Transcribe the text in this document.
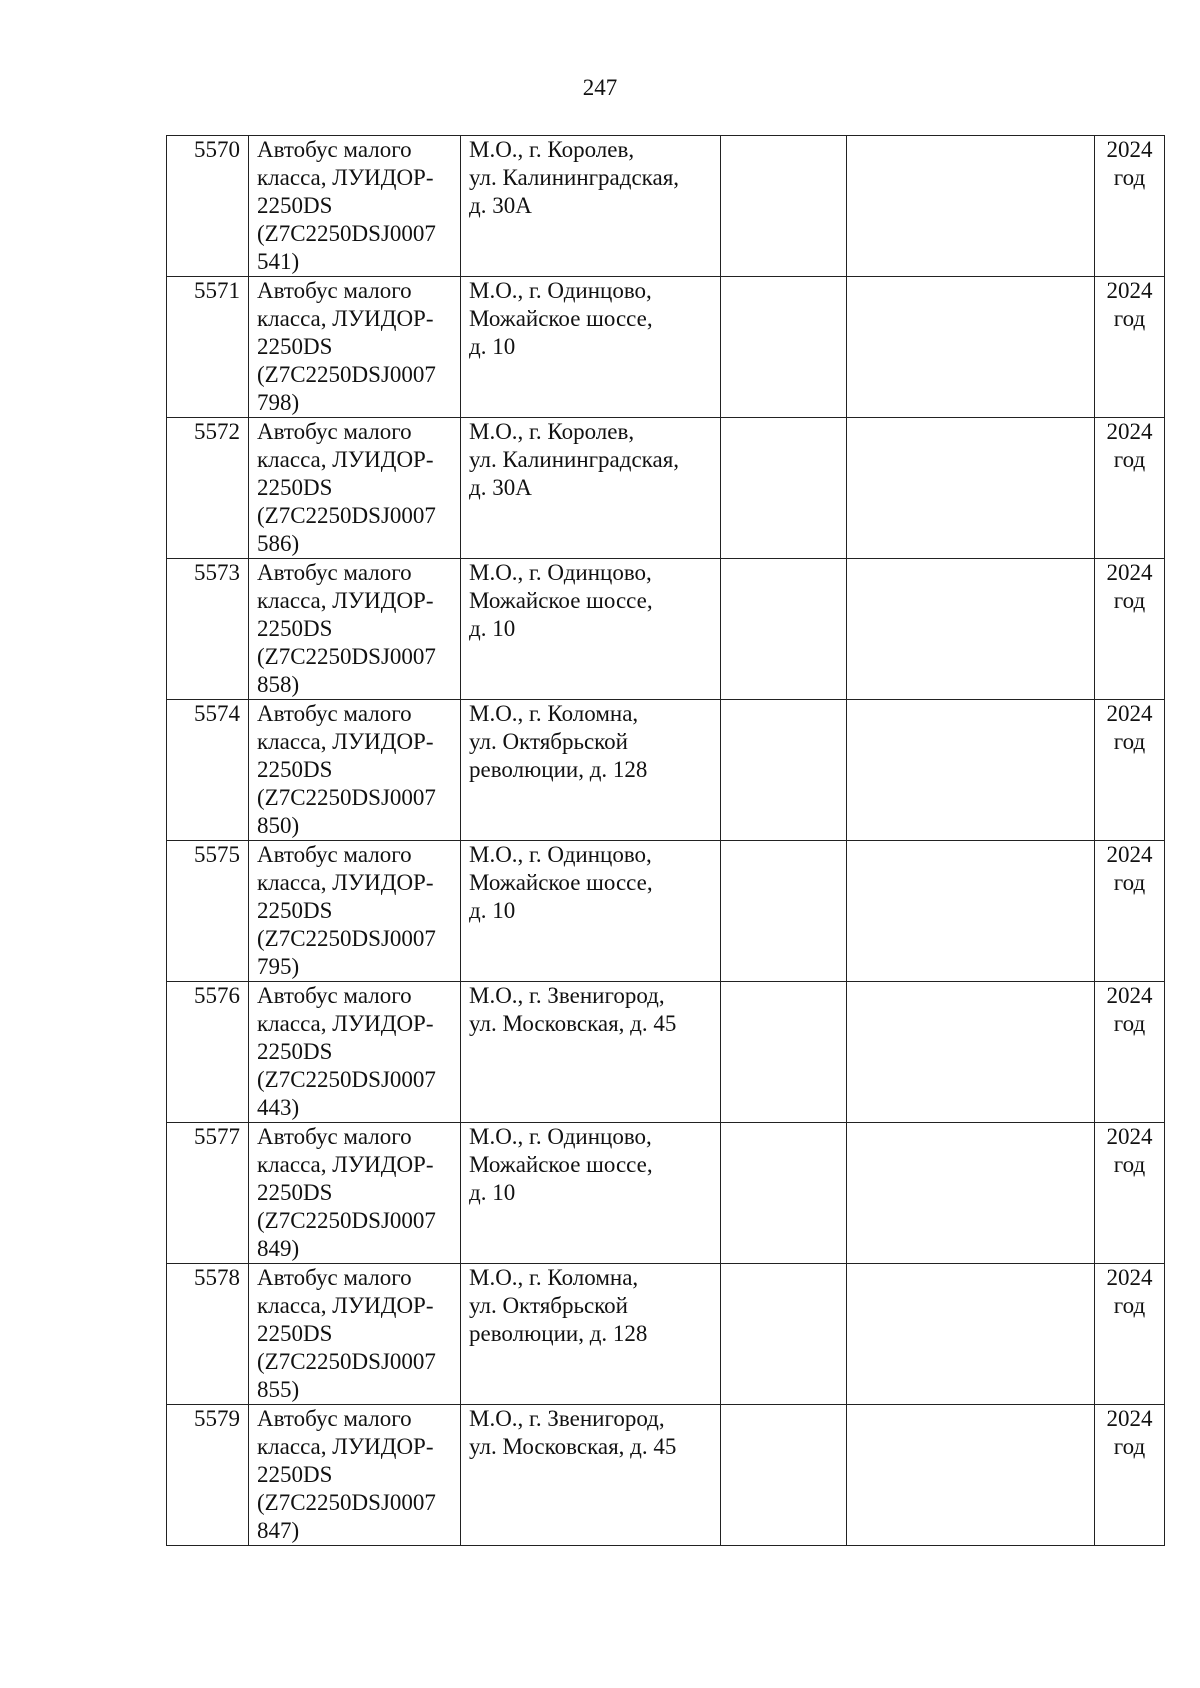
247
5570	Автобус малого
класса, ЛУИДОР-
2250DS
(Z7C2250DSJ0007
541)	М.О., г. Королев,
ул. Калининградская,
д. 30А			2024
год
5571	Автобус малого
класса, ЛУИДОР-
2250DS
(Z7C2250DSJ0007
798)	М.О., г. Одинцово,
Можайское шоссе,
д. 10			2024
год
5572	Автобус малого
класса, ЛУИДОР-
2250DS
(Z7C2250DSJ0007
586)	М.О., г. Королев,
ул. Калининградская,
д. 30А			2024
год
5573	Автобус малого
класса, ЛУИДОР-
2250DS
(Z7C2250DSJ0007
858)	М.О., г. Одинцово,
Можайское шоссе,
д. 10			2024
год
5574	Автобус малого
класса, ЛУИДОР-
2250DS
(Z7C2250DSJ0007
850)	М.О., г. Коломна,
ул. Октябрьской
революции, д. 128			2024
год
5575	Автобус малого
класса, ЛУИДОР-
2250DS
(Z7C2250DSJ0007
795)	М.О., г. Одинцово,
Можайское шоссе,
д. 10			2024
год
5576	Автобус малого
класса, ЛУИДОР-
2250DS
(Z7C2250DSJ0007
443)	М.О., г. Звенигород,
ул. Московская, д. 45			2024
год
5577	Автобус малого
класса, ЛУИДОР-
2250DS
(Z7C2250DSJ0007
849)	М.О., г. Одинцово,
Можайское шоссе,
д. 10			2024
год
5578	Автобус малого
класса, ЛУИДОР-
2250DS
(Z7C2250DSJ0007
855)	М.О., г. Коломна,
ул. Октябрьской
революции, д. 128			2024
год
5579	Автобус малого
класса, ЛУИДОР-
2250DS
(Z7C2250DSJ0007
847)	М.О., г. Звенигород,
ул. Московская, д. 45			2024
год
